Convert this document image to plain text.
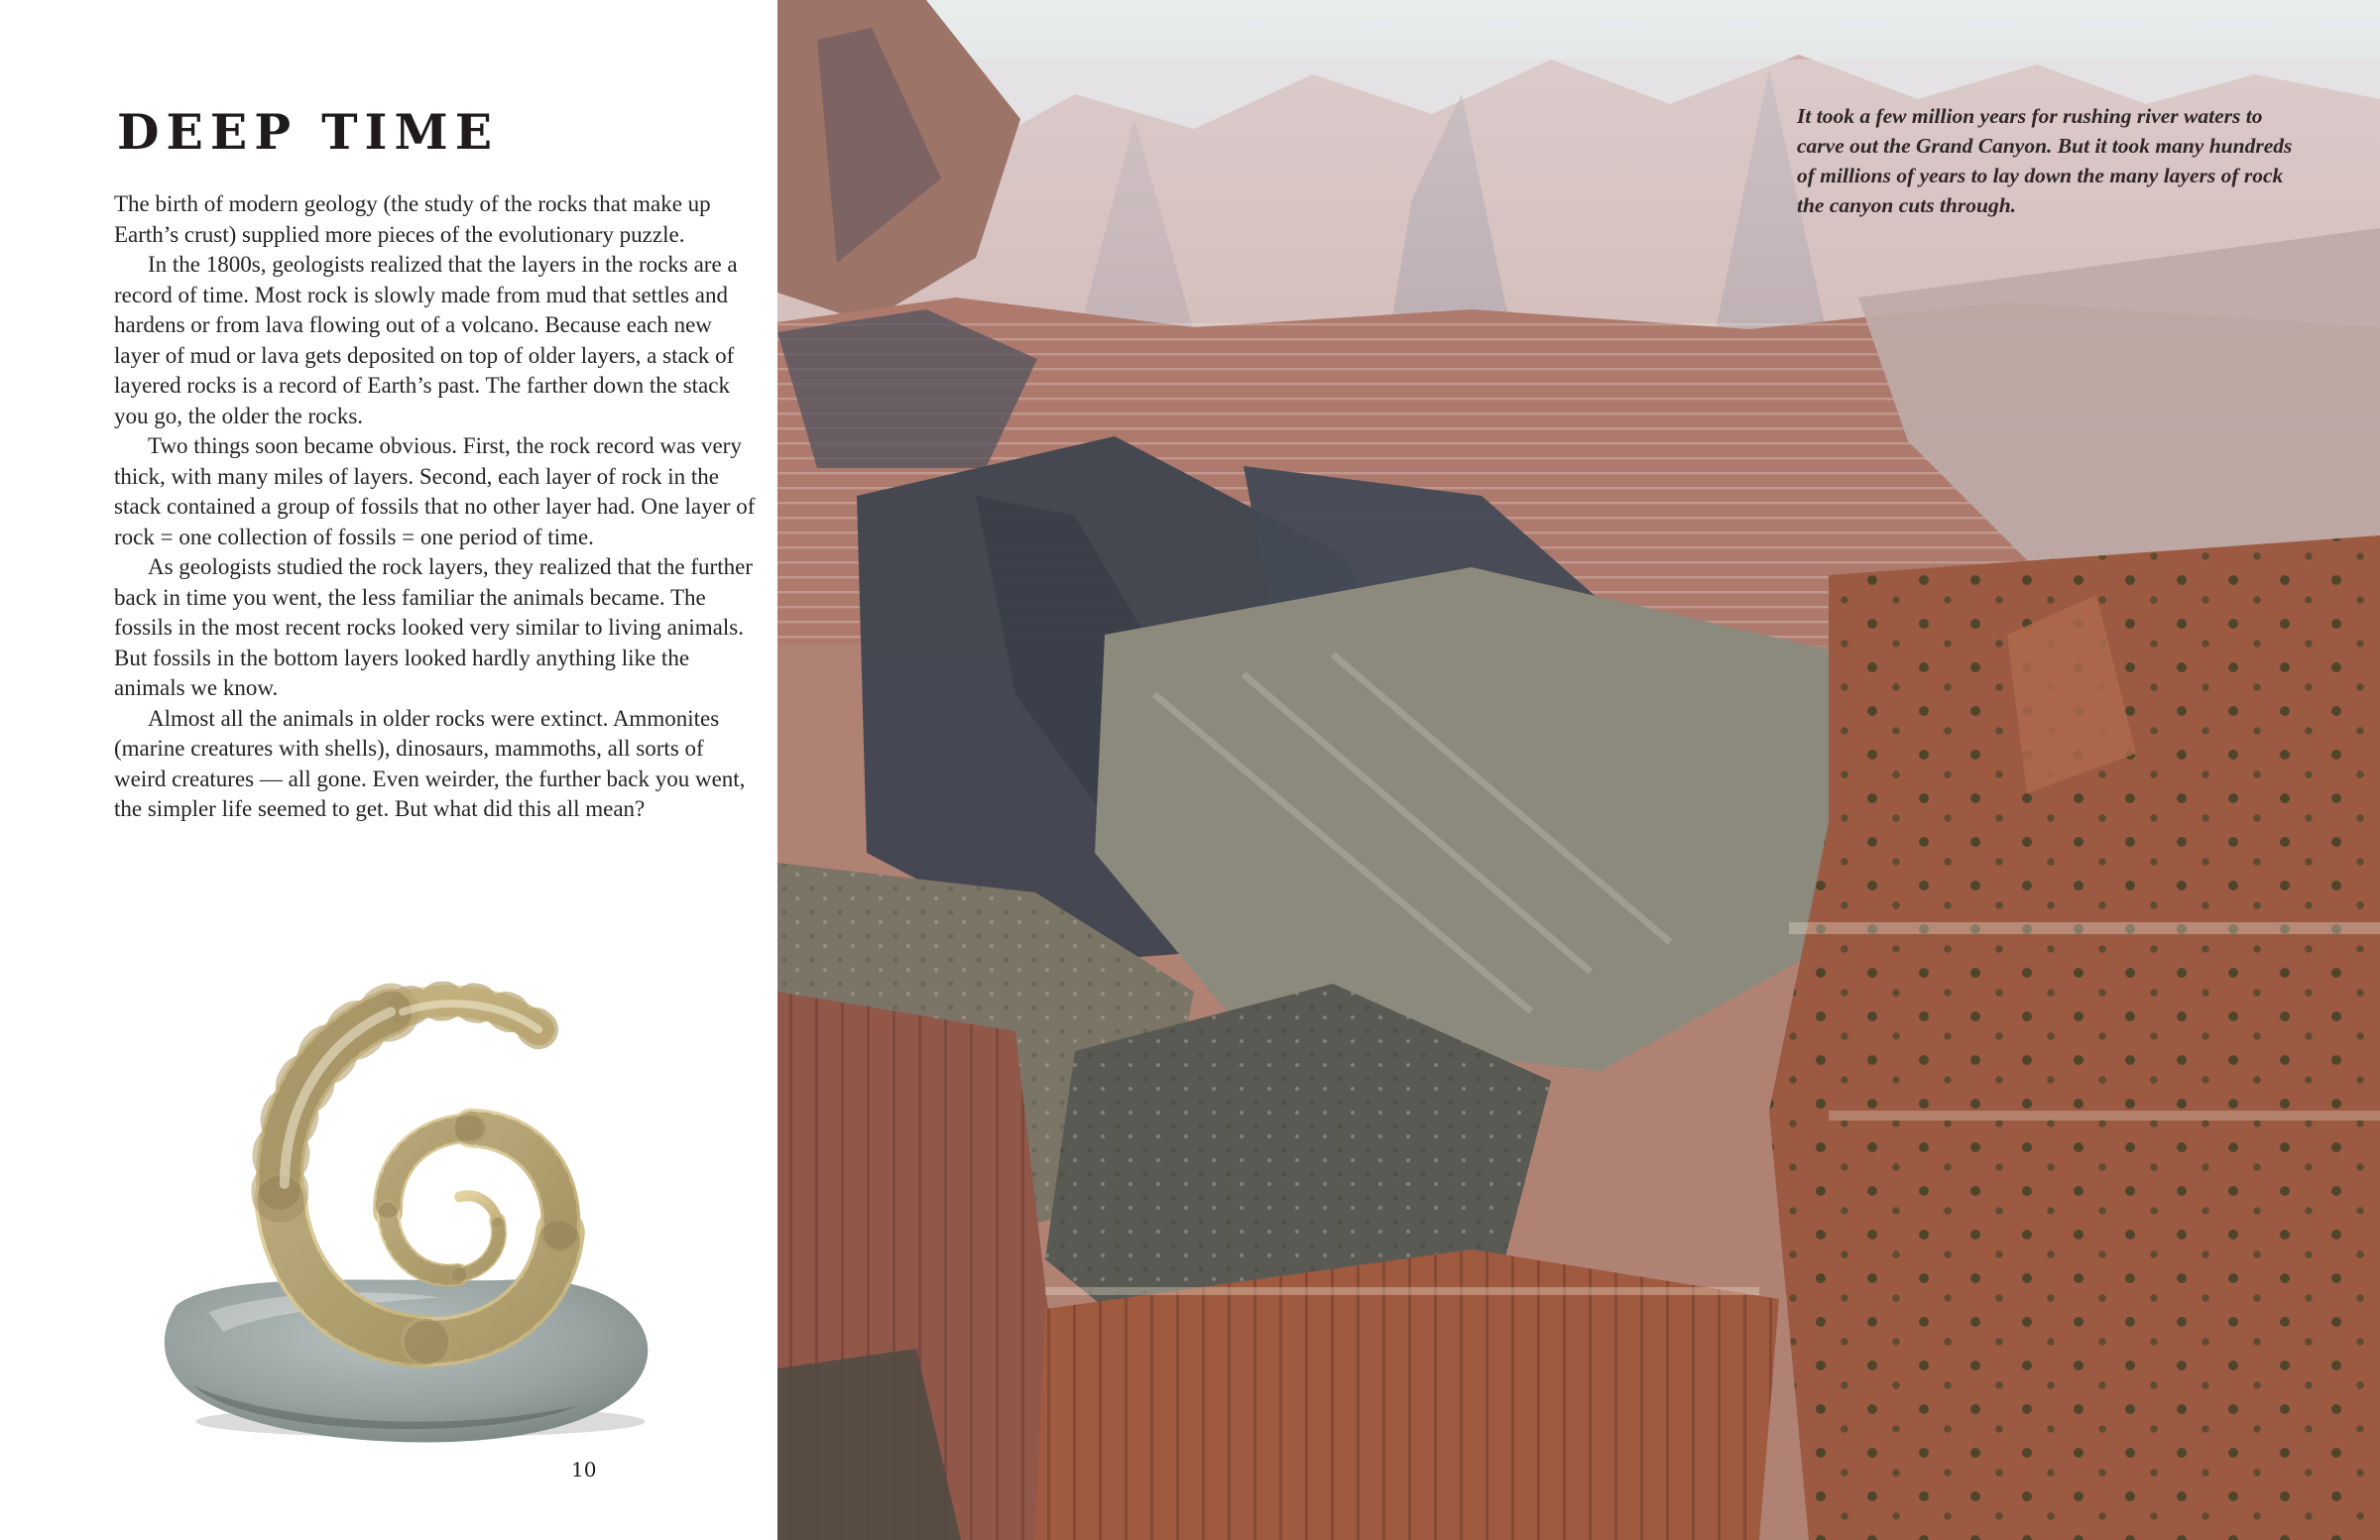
DEEP TIME

The birth of modern geology (the study of the rocks that make up Earth’s crust) supplied more pieces of the evolutionary puzzle.

In the 1800s, geologists realized that the layers in the rocks are a record of time. Most rock is slowly made from mud that settles and hardens or from lava flowing out of a volcano. Because each new layer of mud or lava gets deposited on top of older layers, a stack of layered rocks is a record of Earth’s past. The farther down the stack you go, the older the rocks.

Two things soon became obvious. First, the rock record was very thick, with many miles of layers. Second, each layer of rock in the stack contained a group of fossils that no other layer had. One layer of rock = one collection of fossils = one period of time.

As geologists studied the rock layers, they realized that the further back in time you went, the less familiar the animals became. The fossils in the most recent rocks looked very similar to living animals. But fossils in the bottom layers looked hardly anything like the animals we know.

Almost all the animals in older rocks were extinct. Ammonites (marine creatures with shells), dinosaurs, mammoths, all sorts of weird creatures — all gone. Even weirder, the further back you went, the simpler life seemed to get. But what did this all mean?

10
It took a few million years for rushing river waters to carve out the Grand Canyon. But it took many hundreds of millions of years to lay down the many layers of rock the canyon cuts through.
